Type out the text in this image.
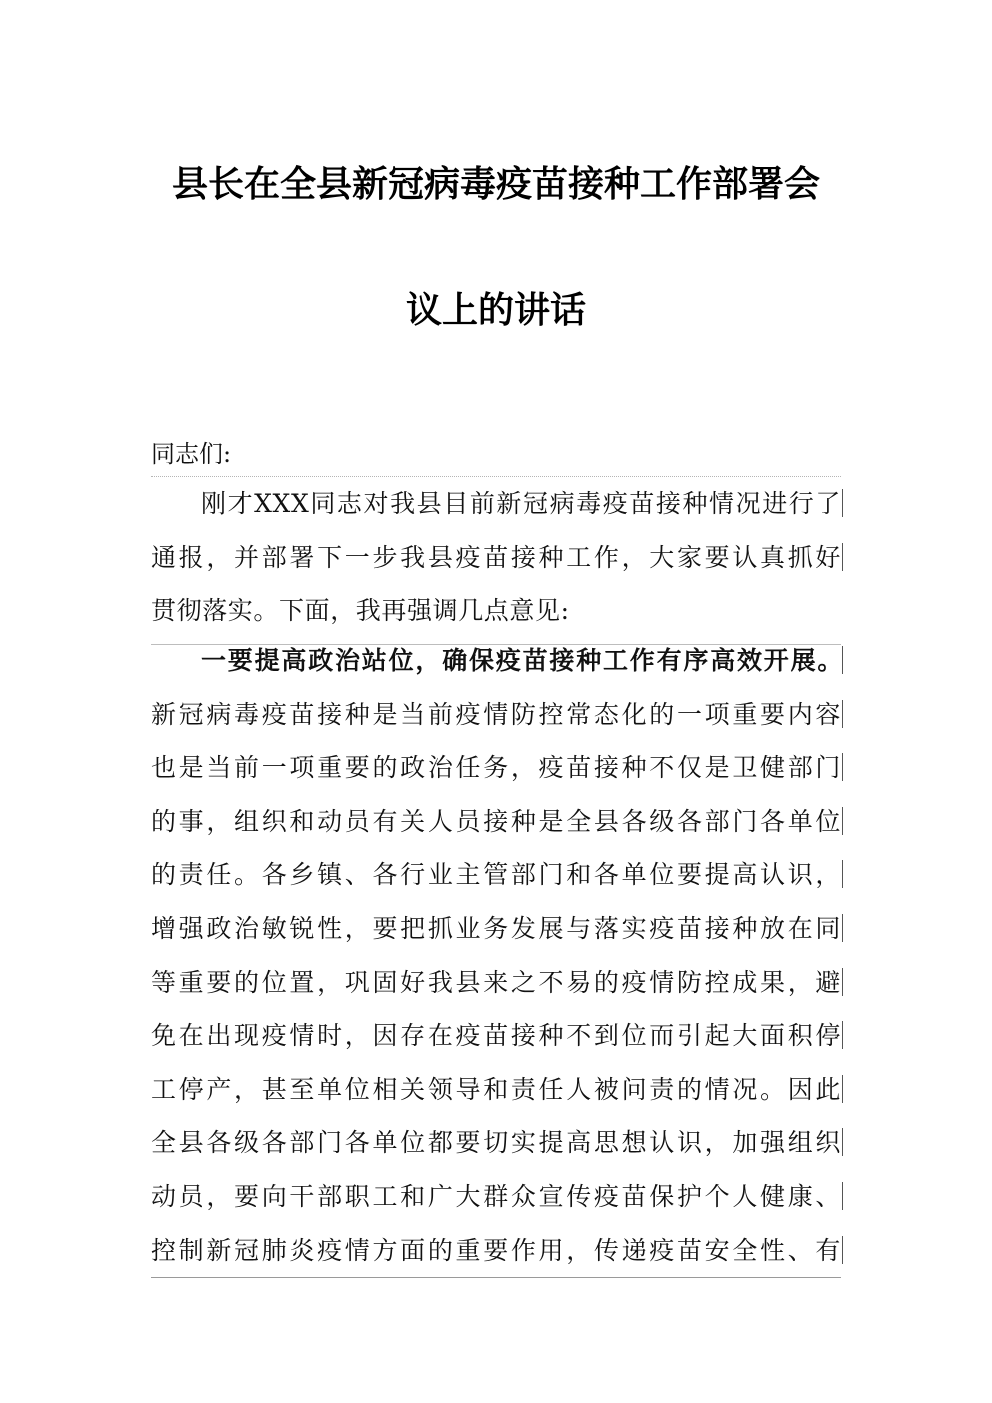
县长在全县新冠病毒疫苗接种工作部署会
议上的讲话
同志们:
刚才XXX同志对我县目前新冠病毒疫苗接种情况进行了
通报，并部署下一步我县疫苗接种工作，大家要认真抓好
贯彻落实。下面，我再强调几点意见:
一要提高政治站位，确保疫苗接种工作有序高效开展。
新冠病毒疫苗接种是当前疫情防控常态化的一项重要内容
也是当前一项重要的政治任务，疫苗接种不仅是卫健部门
的事，组织和动员有关人员接种是全县各级各部门各单位
的责任。各乡镇、各行业主管部门和各单位要提高认识，
增强政治敏锐性，要把抓业务发展与落实疫苗接种放在同
等重要的位置，巩固好我县来之不易的疫情防控成果，避
免在出现疫情时，因存在疫苗接种不到位而引起大面积停
工停产，甚至单位相关领导和责任人被问责的情况。因此
全县各级各部门各单位都要切实提高思想认识，加强组织
动员，要向干部职工和广大群众宣传疫苗保护个人健康、
控制新冠肺炎疫情方面的重要作用，传递疫苗安全性、有
